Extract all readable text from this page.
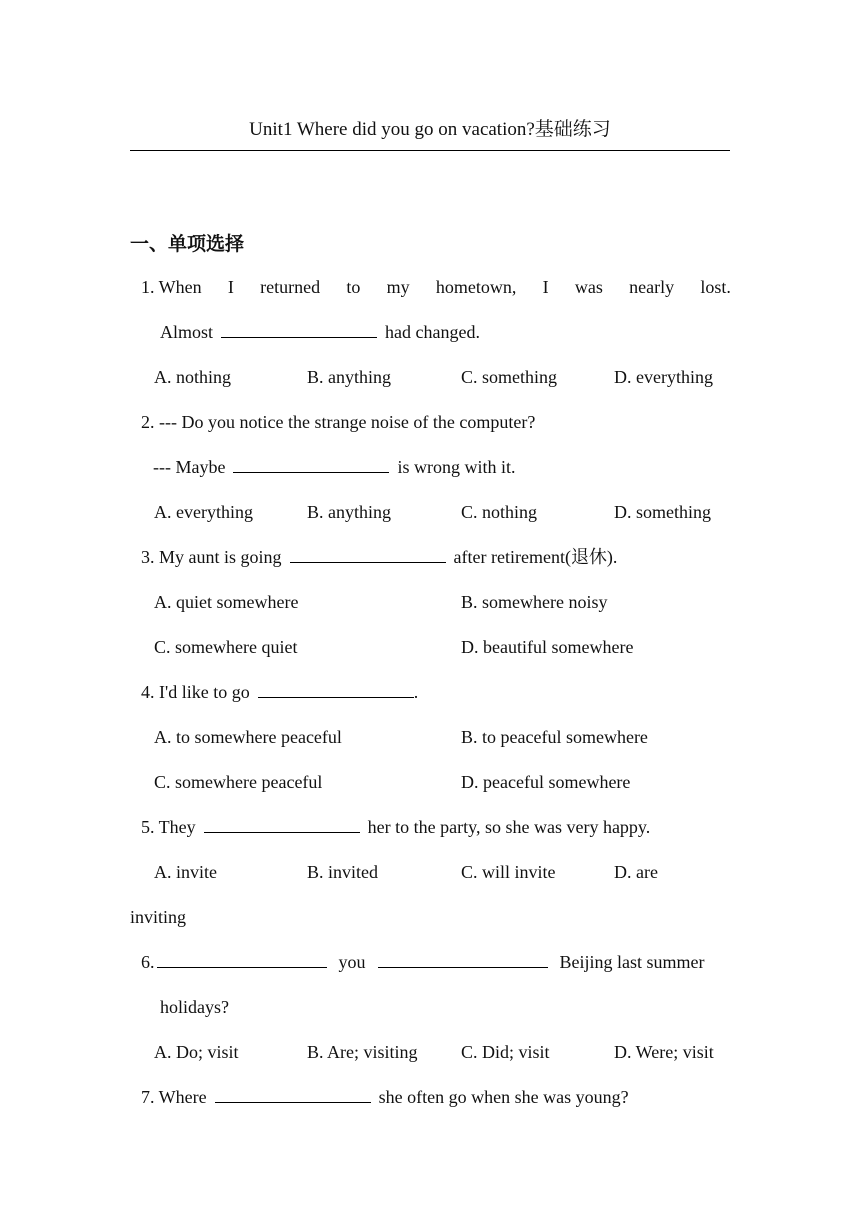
Unit1 Where did you go on vacation?基础练习
一、单项选择
1. When I returned to my hometown, I was nearly lost.
Almost	had changed.
A. nothing	B. anything	C. something	D. everything
2. --- Do you notice the strange noise of the computer?
--- Maybe	is wrong with it.
A. everything	B. anything	C. nothing	D. something
3. My aunt is going	after retirement(退休).
A. quiet somewhere	B. somewhere noisy
C. somewhere quiet	D. beautiful somewhere
4. I'd like to go	.
A. to somewhere peaceful	B. to peaceful somewhere
C. somewhere peaceful	D. peaceful somewhere
5. They	her to the party, so she was very happy.
A. invite	B. invited	C. will invite	D. are
inviting
6.	you	Beijing last summer
holidays?
A. Do; visit	B. Are; visiting C. Did; visit	D. Were; visit
7. Where	she often go when she was young?
